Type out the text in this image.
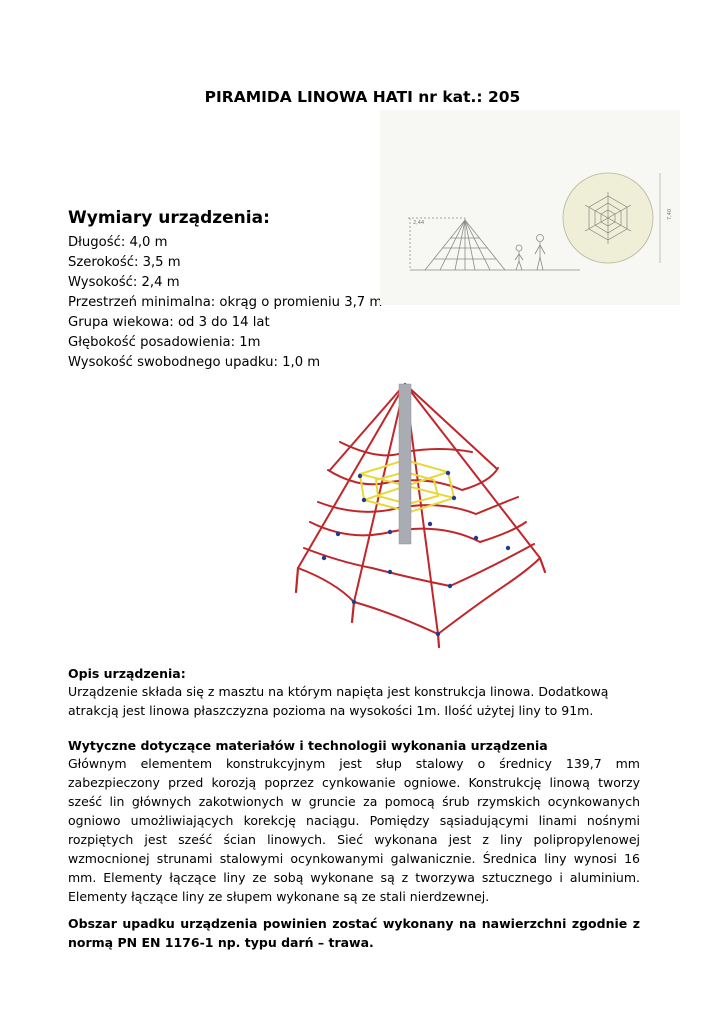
PIRAMIDA LINOWA HATI nr kat.: 205
Wymiary urządzenia:
Długość: 4,0 m
Szerokość: 3,5 m
Wysokość: 2,4 m
Przestrzeń minimalna: okrąg o promieniu 3,7 m
Grupa wiekowa: od 3 do 14 lat
Głębokość posadowienia: 1m
Wysokość swobodnego upadku: 1,0 m
2,44
7,40
Opis urządzenia:
Urządzenie składa się z masztu na którym napięta jest konstrukcja linowa. Dodatkową atrakcją jest linowa płaszczyzna pozioma na wysokości 1m. Ilość użytej liny to 91m.
Wytyczne dotyczące materiałów i technologii wykonania urządzenia
Głównym elementem konstrukcyjnym jest słup stalowy o średnicy 139,7 mm zabezpieczony przed korozją poprzez cynkowanie ogniowe. Konstrukcję linową tworzy sześć lin głównych zakotwionych w gruncie za pomocą śrub rzymskich ocynkowanych ogniowo umożliwiających korekcję naciągu. Pomiędzy sąsiadującymi linami nośnymi rozpiętych jest sześć ścian linowych. Sieć wykonana jest z liny polipropylenowej wzmocnionej strunami stalowymi ocynkowanymi galwanicznie. Średnica liny wynosi 16 mm. Elementy łączące liny ze sobą wykonane są z tworzywa sztucznego i aluminium. Elementy łączące liny ze słupem wykonane są ze stali nierdzewnej.
Obszar upadku urządzenia powinien zostać wykonany na nawierzchni zgodnie z normą PN EN 1176-1 np. typu darń – trawa.
